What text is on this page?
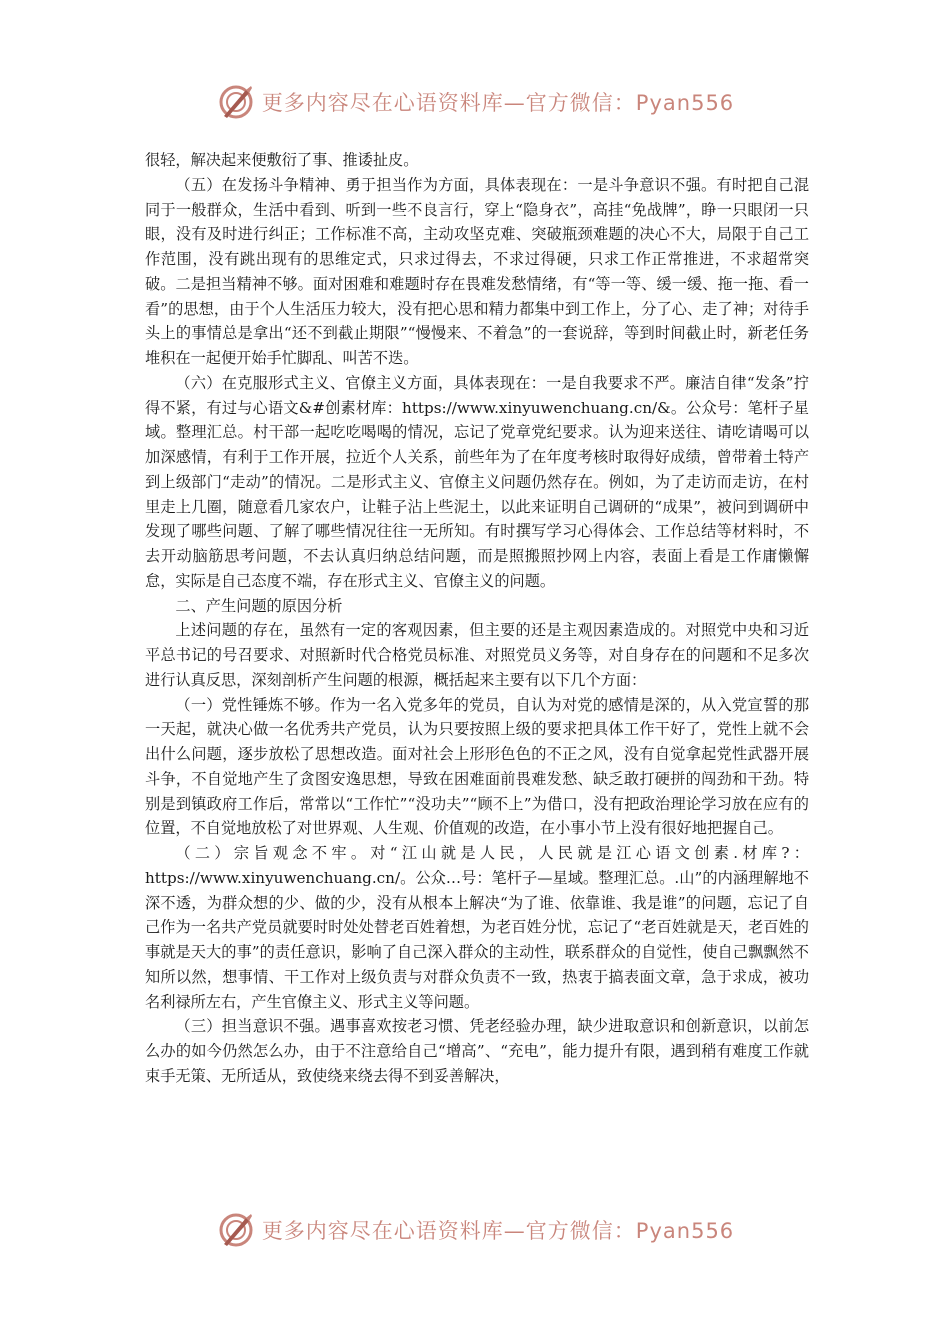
更多内容尽在心语资料库—官方微信：Pyan556

很轻，解决起来便敷衍了事、推诿扯皮。

（五）在发扬斗争精神、勇于担当作为方面，具体表现在：一是斗争意识不强。有时把自己混同于一般群众，生活中看到、听到一些不良言行，穿上“隐身衣”，高挂“免战牌”，睁一只眼闭一只眼，没有及时进行纠正；工作标准不高，主动攻坚克难、突破瓶颈难题的决心不大，局限于自己工作范围，没有跳出现有的思维定式，只求过得去，不求过得硬，只求工作正常推进，不求超常突破。二是担当精神不够。面对困难和难题时存在畏难发愁情绪，有“等一等、缓一缓、拖一拖、看一看”的思想，由于个人生活压力较大，没有把心思和精力都集中到工作上，分了心、走了神；对待手头上的事情总是拿出“还不到截止期限”“慢慢来、不着急”的一套说辞，等到时间截止时，新老任务堆积在一起便开始手忙脚乱、叫苦不迭。

（六）在克服形式主义、官僚主义方面，具体表现在：一是自我要求不严。廉洁自律“发条”拧得不紧，有过与心语文&#创素材库：https://www.xinyuwenchuang.cn/&。公众号：笔杆子星域。整理汇总。村干部一起吃吃喝喝的情况，忘记了党章党纪要求。认为迎来送往、请吃请喝可以加深感情，有利于工作开展，拉近个人关系，前些年为了在年度考核时取得好成绩，曾带着土特产到上级部门“走动”的情况。二是形式主义、官僚主义问题仍然存在。例如，为了走访而走访，在村里走上几圈，随意看几家农户，让鞋子沾上些泥土，以此来证明自己调研的“成果”，被问到调研中发现了哪些问题、了解了哪些情况往往一无所知。有时撰写学习心得体会、工作总结等材料时，不去开动脑筋思考问题，不去认真归纳总结问题，而是照搬照抄网上内容，表面上看是工作庸懒懈怠，实际是自己态度不端，存在形式主义、官僚主义的问题。

二、产生问题的原因分析

上述问题的存在，虽然有一定的客观因素，但主要的还是主观因素造成的。对照党中央和习近平总书记的号召要求、对照新时代合格党员标准、对照党员义务等，对自身存在的问题和不足多次进行认真反思，深刻剖析产生问题的根源，概括起来主要有以下几个方面：

（一）党性锤炼不够。作为一名入党多年的党员，自认为对党的感情是深的，从入党宣誓的那一天起，就决心做一名优秀共产党员，认为只要按照上级的要求把具体工作干好了，党性上就不会出什么问题，逐步放松了思想改造。面对社会上形形色色的不正之风，没有自觉拿起党性武器开展斗争，不自觉地产生了贪图安逸思想，导致在困难面前畏难发愁、缺乏敢打硬拼的闯劲和干劲。特别是到镇政府工作后，常常以“工作忙”“没功夫”“顾不上”为借口，没有把政治理论学习放在应有的位置，不自觉地放松了对世界观、人生观、价值观的改造，在小事小节上没有很好地把握自己。

（二）宗旨观念不牢。对“江山就是人民，人民就是江心语文创素.材库?：https://www.xinyuwenchuang.cn/。公众…号：笔杆子—星域。整理汇总。.山”的内涵理解地不深不透，为群众想的少、做的少，没有从根本上解决“为了谁、依靠谁、我是谁”的问题，忘记了自己作为一名共产党员就要时时处处替老百姓着想，为老百姓分忧，忘记了“老百姓就是天，老百姓的事就是天大的事”的责任意识，影响了自己深入群众的主动性，联系群众的自觉性，使自己飘飘然不知所以然，想事情、干工作对上级负责与对群众负责不一致，热衷于搞表面文章，急于求成，被功名利禄所左右，产生官僚主义、形式主义等问题。

（三）担当意识不强。遇事喜欢按老习惯、凭老经验办理，缺少进取意识和创新意识，以前怎么办的如今仍然怎么办，由于不注意给自己“增高”、“充电”，能力提升有限，遇到稍有难度工作就束手无策、无所适从，致使绕来绕去得不到妥善解决，

更多内容尽在心语资料库—官方微信：Pyan556
